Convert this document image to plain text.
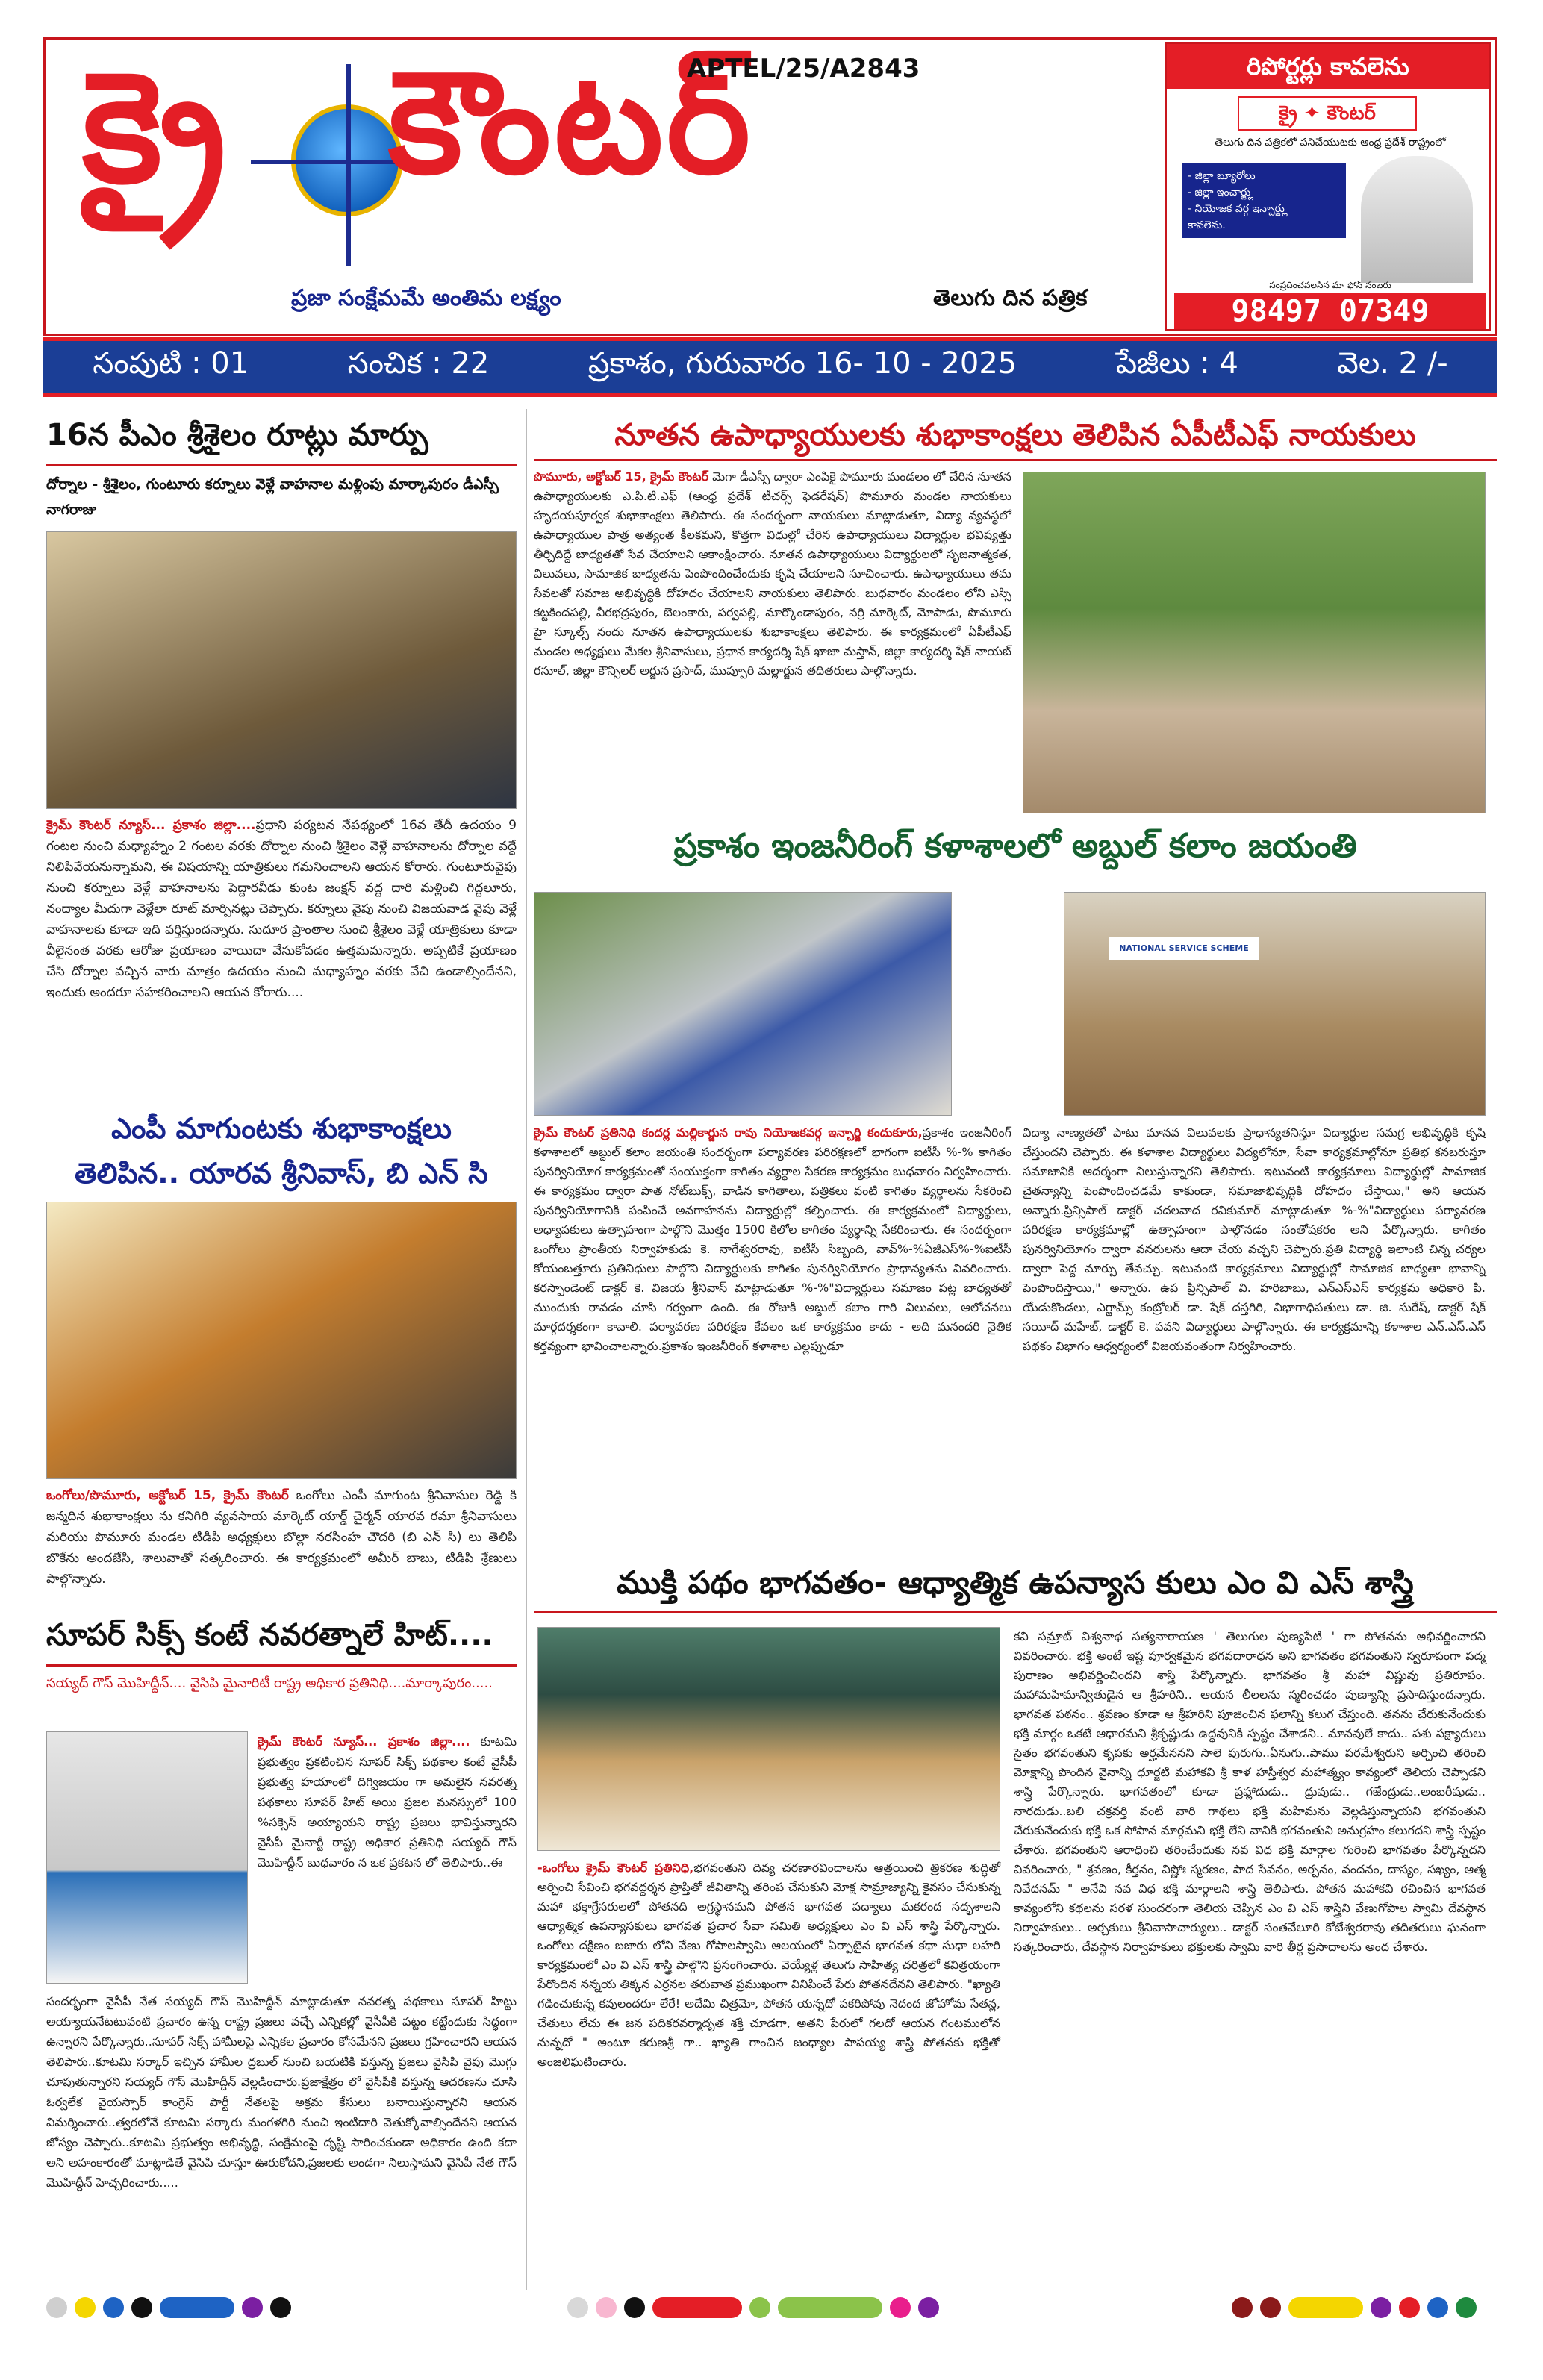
క్రై కౌంటర్
APTEL/25/A2843
ప్రజా సంక్షేమమే అంతిమ లక్ష్యం	తెలుగు దిన పత్రిక
రిపోర్టర్లు కావలెను
క్రై ✦ కౌంటర్
తెలుగు దిన పత్రికలో పనిచేయుటకు ఆంధ్ర ప్రదేశ్ రాష్ట్రంలో
- జిల్లా బ్యూరోలు
- జిల్లా ఇంచార్జ్లు
- నియోజక వర్గ ఇన్చార్జ్లు
కావలెను.
సంప్రదించవలసిన మా ఫోన్ నంబరు
98497 07349
సంపుటి : 01	సంచిక : 22	ప్రకాశం, గురువారం 16- 10 - 2025	పేజీలు : 4	వెల. 2 /-
16న పీఎం శ్రీశైలం రూట్లు మార్పు
దోర్నాల - శ్రీశైలం, గుంటూరు కర్నూలు వెళ్లే వాహనాల మళ్లింపు మార్కాపురం డీఎస్పీ నాగరాజు
క్రైమ్ కౌంటర్ న్యూస్... ప్రకాశం జిల్లా....ప్రధాని పర్యటన నేపథ్యంలో 16వ తేదీ ఉదయం 9 గంటల నుంచి మధ్యాహ్నం 2 గంటల వరకు దోర్నాల నుంచి శ్రీశైలం వెళ్లే వాహనాలను దోర్నాల వద్దే నిలిపివేయనున్నామని, ఈ విషయాన్ని యాత్రికులు గమనించాలని ఆయన కోరారు. గుంటూరువైపు నుంచి కర్నూలు వెళ్లే వాహనాలను పెద్దారవీడు కుంట జంక్షన్ వద్ద దారి మళ్లించి గిద్దలూరు, నంద్యాల మీదుగా వెళ్లేలా రూట్ మార్పినట్లు చెప్పారు. కర్నూలు వైపు నుంచి విజయవాడ వైపు వెళ్లే వాహనాలకు కూడా ఇది వర్తిస్తుందన్నారు. సుదూర ప్రాంతాల నుంచి శ్రీశైలం వెళ్లే యాత్రికులు కూడా వీలైనంత వరకు ఆరోజు ప్రయాణం వాయిదా వేసుకోవడం ఉత్తమమన్నారు. అప్పటికే ప్రయాణం చేసి దోర్నాల వచ్చిన వారు మాత్రం ఉదయం నుంచి మధ్యాహ్నం వరకు వేచి ఉండాల్సిందేనని, ఇందుకు అందరూ సహకరించాలని ఆయన కోరారు....
ఎంపీ మాగుంటకు శుభాకాంక్షలు
తెలిపిన.. యారవ శ్రీనివాస్, బి ఎన్ సి
ఒంగోలు/పొమూరు, అక్టోబర్ 15, క్రైమ్ కౌంటర్ ఒంగోలు ఎంపీ మాగుంట శ్రీనివాసుల రెడ్డి కి జన్మదిన శుభాకాంక్షలు ను కనిగిరి వ్యవసాయ మార్కెట్ యార్డ్ చైర్మన్ యారవ రమా శ్రీనివాసులు మరియు పొమూరు మండల టిడిపి అధ్యక్షులు బొల్లా నరసింహ చౌదరి (బి ఎన్ సి) లు తెలిపి బొకేను అందజేసి, శాలువాతో సత్కరించారు. ఈ కార్యక్రమంలో అమీర్ బాబు, టిడిపి శ్రేణులు పాల్గొన్నారు.
సూపర్ సిక్స్ కంటే నవరత్నాలే హిట్....
సయ్యద్ గౌస్ మొహిద్దీన్.... వైసిపి మైనారిటీ రాష్ట్ర అధికార ప్రతినిధి....మార్కాపురం.....
క్రైమ్ కౌంటర్ న్యూస్... ప్రకాశం జిల్లా.... కూటమి ప్రభుత్వం ప్రకటించిన సూపర్ సిక్స్ పథకాల కంటే వైసీపీ ప్రభుత్వ హయాంలో దిగ్విజయం గా అమలైన నవరత్న పథకాలు సూపర్ హిట్ అయి ప్రజల మనస్సులో 100 %సక్సెస్ అయ్యాయని రాష్ట్ర ప్రజలు భావిస్తున్నారని వైసీపీ మైనార్టీ రాష్ట్ర అధికార ప్రతినిధి సయ్యద్ గౌస్ మొహిద్దీన్ బుధవారం న ఒక ప్రకటన లో తెలిపారు..ఈ
సందర్భంగా వైసీపీ నేత సయ్యద్ గౌస్ మొహిద్దీన్ మాట్లాడుతూ నవరత్న పథకాలు సూపర్ హిట్టు అయ్యాయనేటటువంటి ప్రచారం ఉన్న రాష్ట్ర ప్రజలు వచ్చే ఎన్నికల్లో వైసీపీకి పట్టం కట్టేందుకు సిద్ధంగా ఉన్నారని పేర్కొన్నారు..సూపర్ సిక్స్ హామీలపై ఎన్నికల ప్రచారం కోసమేనని ప్రజలు గ్రహించారని ఆయన తెలిపారు..కూటమి సర్కార్ ఇచ్చిన హామీల ద్రబుల్ నుంచి బయటికి వస్తున్న ప్రజలు వైసిపి వైపు మొగ్గు చూపుతున్నారని సయ్యద్ గౌస్ మొహిద్దీన్ వెల్లడించారు.ప్రజాక్షేత్రం లో వైసీపీకి వస్తున్న ఆదరణను చూసి ఓర్వలేక వైయస్సార్ కాంగ్రెస్ పార్టీ నేతలపై అక్రమ కేసులు బనాయిస్తున్నారని ఆయన విమర్శించారు..త్వరలోనే కూటమి సర్కారు మంగళగిరి నుంచి ఇంటిదారి వెతుక్కోవాల్సిందేనని ఆయన జోస్యం చెప్పారు..కూటమి ప్రభుత్వం అభివృద్ధి, సంక్షేమంపై దృష్టి సారించకుండా అధికారం ఉంది కదా అని అహంకారంతో మాట్లాడితే వైసిపి చూస్తూ ఊరుకోదని,ప్రజలకు అండగా నిలుస్తామని వైసిపీ నేత గౌస్ మొహిద్దీన్ హెచ్చరించారు.....
నూతన ఉపాధ్యాయులకు శుభాకాంక్షలు తెలిపిన ఏపీటీఎఫ్ నాయకులు
పొమూరు, అక్టోబర్ 15, క్రైమ్ కౌంటర్ మెగా డీఎస్సీ ద్వారా ఎంపికై పొమూరు మండలం లో చేరిన నూతన ఉపాధ్యాయులకు ఎ.పి.టి.ఎఫ్ (ఆంధ్ర ప్రదేశ్ టీచర్స్ ఫెడరేషన్) పొమూరు మండల నాయకులు హృదయపూర్వక శుభాకాంక్షలు తెలిపారు. ఈ సందర్భంగా నాయకులు మాట్లాడుతూ, విద్యా వ్యవస్థలో ఉపాధ్యాయుల పాత్ర అత్యంత కీలకమని, కొత్తగా విధుల్లో చేరిన ఉపాధ్యాయులు విద్యార్థుల భవిష్యత్తు తీర్చిదిద్దే బాధ్యతతో సేవ చేయాలని ఆకాంక్షించారు. నూతన ఉపాధ్యాయులు విద్యార్థులలో సృజనాత్మకత, విలువలు, సామాజిక బాధ్యతను పెంపొందించేందుకు కృషి చేయాలని సూచించారు. ఉపాధ్యాయులు తమ సేవలతో సమాజ అభివృద్ధికి దోహదం చేయాలని నాయకులు తెలిపారు. బుధవారం మండలం లోని ఎస్సి కట్టకిందపల్లి, వీరభద్రపురం, బెలంకారు, పర్వపల్లి, మార్కొండాపురం, నర్రి మార్కెట్, మోపాడు, పొమూరు హై స్కూల్స్ నందు నూతన ఉపాధ్యాయులకు శుభాకాంక్షలు తెలిపారు. ఈ కార్యక్రమంలో ఏపీటీఎఫ్ మండల అధ్యక్షులు మేకల శ్రీనివాసులు, ప్రధాన కార్యదర్శి షేక్ ఖాజా మస్తాన్, జిల్లా కార్యదర్శి షేక్ నాయబ్ రసూల్, జిల్లా కౌన్సిలర్ అర్జున ప్రసాద్, ముప్పూరి మల్లార్జున తదితరులు పాల్గొన్నారు.
ప్రకాశం ఇంజనీరింగ్ కళాశాలలో అబ్దుల్ కలాం జయంతి
NATIONAL SERVICE SCHEME
క్రైమ్ కౌంటర్ ప్రతినిధి కందర్ల మల్లికార్జున రావు నియోజకవర్గ ఇన్చార్జి కందుకూరు,ప్రకాశం ఇంజనీరింగ్ కళాశాలలో అబ్దుల్ కలాం జయంతి సందర్భంగా పర్యావరణ పరిరక్షణలో భాగంగా ఐటీసీ %-% కాగితం పునర్వినియోగ కార్యక్రమంతో సంయుక్తంగా కాగితం వ్యర్థాల సేకరణ కార్యక్రమం బుధవారం నిర్వహించారు. ఈ కార్యక్రమం ద్వారా పాత నోట్‌బుక్స్, వాడిన కాగితాలు, పత్రికలు వంటి కాగితం వ్యర్థాలను సేకరించి పునర్వినియోగానికి పంపించే అవగాహనను విద్యార్థుల్లో కల్పించారు. ఈ కార్యక్రమంలో విద్యార్థులు, అధ్యాపకులు ఉత్సాహంగా పాల్గొని మొత్తం 1500 కిలోల కాగితం వ్యర్థాన్ని సేకరించారు. ఈ సందర్భంగా ఒంగోలు ప్రాంతీయ నిర్వాహకుడు కె. నాగేశ్వరరావు, ఐటీసీ సిబ్బంది, వావ్‌%-%ఏజీఎస్‌%-%ఐటీసీ కోయంబత్తూరు ప్రతినిధులు పాల్గొని విద్యార్థులకు కాగితం పునర్వినియోగం ప్రాధాన్యతను వివరించారు. కరస్పాండెంట్ డాక్టర్ కె. విజయ శ్రీనివాస్ మాట్లాడుతూ %-%"విద్యార్థులు సమాజం పట్ల బాధ్యతతో ముందుకు రావడం చూసి గర్వంగా ఉంది. ఈ రోజుకి అబ్దుల్ కలాం గారి విలువలు, ఆలోచనలు మార్గదర్శకంగా కావాలి. పర్యావరణ పరిరక్షణ కేవలం ఒక కార్యక్రమం కాదు - అది మనందరి నైతిక కర్తవ్యంగా భావించాలన్నారు.ప్రకాశం ఇంజనీరింగ్ కళాశాల ఎల్లప్పుడూ
విద్యా నాణ్యతతో పాటు మానవ విలువలకు ప్రాధాన్యతనిస్తూ విద్యార్థుల సమగ్ర అభివృద్ధికి కృషి చేస్తుందని చెప్పారు. ఈ కళాశాల విద్యార్థులు విద్యలోనూ, సేవా కార్యక్రమాల్లోనూ ప్రతిభ కనబరుస్తూ సమాజానికి ఆదర్శంగా నిలుస్తున్నారని తెలిపారు. ఇటువంటి కార్యక్రమాలు విద్యార్థుల్లో సామాజిక చైతన్యాన్ని పెంపొందించడమే కాకుండా, సమాజాభివృద్ధికి దోహదం చేస్తాయి," అని ఆయన అన్నారు.ప్రిన్సిపాల్ డాక్టర్ చదలవాద రవికుమార్ మాట్లాడుతూ %-%"విద్యార్థులు పర్యావరణ పరిరక్షణ కార్యక్రమాల్లో ఉత్సాహంగా పాల్గొనడం సంతోషకరం అని పేర్కొన్నారు. కాగితం పునర్వినియోగం ద్వారా వనరులను ఆదా చేయ వచ్చని చెప్పారు.ప్రతి విద్యార్థి ఇలాంటి చిన్న చర్యల ద్వారా పెద్ద మార్పు తేవచ్చు. ఇటువంటి కార్యక్రమాలు విద్యార్థుల్లో సామాజిక బాధ్యతా భావాన్ని పెంపొందిస్తాయి," అన్నారు. ఉప ప్రిన్సిపాల్ వి. హరిబాబు, ఎన్ఎస్ఎస్ కార్యక్రమ అధికారి పి. యేడుకొండలు, ఎగ్జామ్స్ కంట్రోలర్ డా. షేక్ దస్తగిరి, విభాగాధిపతులు డా. జి. సురేష్, డాక్టర్ షేక్ సయీద్ మహేబ్, డాక్టర్ కె. పవని విద్యార్థులు పాల్గొన్నారు. ఈ కార్యక్రమాన్ని కళాశాల ఎన్.ఎస్.ఎస్ పథకం విభాగం ఆధ్వర్యంలో విజయవంతంగా నిర్వహించారు.
ముక్తి పథం భాగవతం- ఆధ్యాత్మిక ఉపన్యాస కులు ఎం వి ఎస్ శాస్త్రి
-ఒంగోలు క్రైమ్ కౌంటర్ ప్రతినిధి,భగవంతుని దివ్య చరణారవిందాలను ఆత్రయించి త్రికరణ శుద్ధితో అర్చించి సేవించి భగవద్దర్శన ప్రాప్తితో జీవితాన్ని తరింప చేసుకుని మోక్ష సామ్రాజ్యాన్ని కైవసం చేసుకున్న మహా భక్తాగ్రేసరులలో పోతనది అగ్రస్థానమని పోతన భాగవత పద్యాలు మకరంద సదృశాలని ఆధ్యాత్మిక ఉపన్యాసకులు భాగవత ప్రచార సేవా సమితి అధ్యక్షులు ఎం వి ఎస్ శాస్త్రి పేర్కొన్నారు. ఒంగోలు దక్షిణం బజారు లోని వేణు గోపాలస్వామి ఆలయంలో ఏర్పాటైన భాగవత కథా సుధా లహరి కార్యక్రమంలో ఎం వి ఎస్ శాస్త్రి పాల్గొని ప్రసంగించారు. వెయ్యేళ్ల తెలుగు సాహిత్య చరిత్రలో కవిత్రయంగా పేరొందిన నన్నయ తిక్కన ఎర్రనల తరువాత ప్రముఖంగా వినిపించే పేరు పోతనదేనని తెలిపారు. "ఖ్యాతి గడించుకున్న కవులందరూ లేరే! అదేమి చిత్రమో, పోతన యన్నదో పకరిపోవు నెదంద జోహోమ సేతన్ల, చేతులు లేచు ఈ జన పదికరవర్మాదృత శక్తి చూడగా, అతని పేరులో గలదో ఆయన గంటములోన నున్నదో " అంటూ కరుణశ్రీ గా.. ఖ్యాతి గాంచిన జంధ్యాల పాపయ్య శాస్త్రి పోతనకు భక్తితో అంజలిఘటించారు.
కవి సమ్రాట్ విశ్వనాథ సత్యనారాయణ ' తెలుగుల పుణ్యపేటి ' గా పోతనను అభివర్ణించారని వివరించారు. భక్తి అంటే ఇష్ట పూర్వకమైన భగవదారాధన అని భాగవతం భగవంతుని స్వరూపంగా పద్మ పురాణం అభివర్ణించిందని శాస్త్రి పేర్కొన్నారు. భాగవతం శ్రీ మహా విష్ణువు ప్రతిరూపం. మహామహిమాన్వితుడైన ఆ శ్రీహరిని.. ఆయన లీలలను స్మరించడం పుణ్యాన్ని ప్రసాదిస్తుందన్నారు. భాగవత పఠనం.. శ్రవణం కూడా ఆ శ్రీహరిని పూజించిన ఫలాన్ని కలుగ చేస్తుంది. తనను చేరుకునేందుకు భక్తి మార్గం ఒకటే ఆధారమని శ్రీకృష్ణుడు ఉద్ధవునికి స్పష్టం చేశాడని.. మానవులే కాదు.. పశు పక్ష్యాదులు సైతం భగవంతుని కృపకు అర్హమేననని సాలె పురుగు..ఏనుగు..పాము పరమేశ్వరుని అర్చించి తరించి మోక్షాన్ని పొందిన వైనాన్ని ధూర్జటి మహాకవి శ్రీ కాళ హస్తీశ్వర మహాత్మ్యం కావ్యంలో తెలియ చెప్పాడని శాస్త్రి పేర్కొన్నారు. భాగవతంలో కూడా ప్రహ్లాదుడు.. ధ్రువుడు.. గజేంద్రుడు..అంబరీషుడు.. నారదుడు..బలి చక్రవర్తి వంటి వారి గాథలు భక్తి మహిమను వెల్లడిస్తున్నాయని భగవంతుని చేరుకునేందుకు భక్తి ఒక సోపాన మార్గమని భక్తి లేని వానికి భగవంతుని అనుగ్రహం కలుగదని శాస్త్రి స్పష్టం చేశారు. భగవంతుని ఆరాధించి తరించేందుకు నవ విధ భక్తి మార్గాల గురించి భాగవతం పేర్కొన్నదని వివరించారు, " శ్రవణం, కీర్తనం, విష్ణోః స్మరణం, పాద సేవనం, అర్చనం, వందనం, దాస్యం, సఖ్యం, ఆత్మ నివేదనమ్ " అనేవి నవ విధ భక్తి మార్గాలని శాస్త్రి తెలిపారు. పోతన మహాకవి రచించిన భాగవత కావ్యంలోని కథలను సరళ సుందరంగా తెలియ చెప్పిన ఎం వి ఎస్ శాస్త్రిని వేణుగోపాల స్వామి దేవస్థాన నిర్వాహకులు.. అర్చకులు శ్రీనివాసాచార్యులు.. డాక్టర్ సంతవేలూరి కోటేశ్వరరావు తదితరులు ఘనంగా సత్కరించారు, దేవస్థాన నిర్వాహకులు భక్తులకు స్వామి వారి తీర్థ ప్రసాదాలను అంద చేశారు.
